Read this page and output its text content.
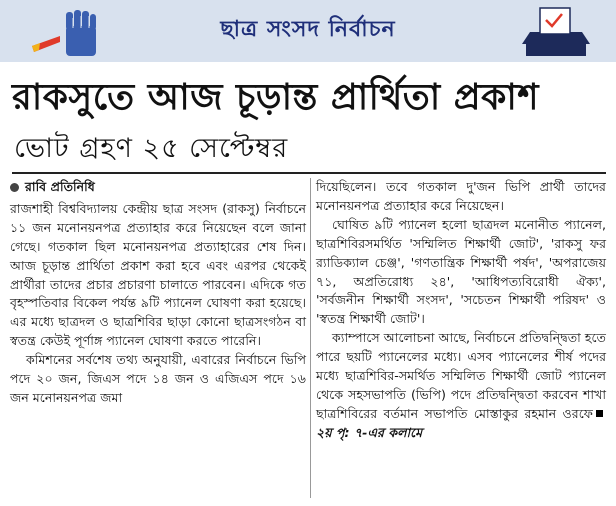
ছাত্র সংসদ নির্বাচন
রাকসুতে আজ চূড়ান্ত প্রার্থিতা প্রকাশ
ভোট গ্রহণ ২৫ সেপ্টেম্বর
রাবি প্রতিনিধি

রাজশাহী বিশ্ববিদ্যালয় কেন্দ্রীয় ছাত্র সংসদ (রাকসু) নির্বাচনে ১১ জন মনোনয়নপত্র প্রত্যাহার করে নিয়েছেন বলে জানা গেছে। গতকাল ছিল মনোনয়নপত্র প্রত্যাহারের শেষ দিন। আজ চূড়ান্ত প্রার্থিতা প্রকাশ করা হবে এবং এরপর থেকেই প্রার্থীরা তাদের প্রচার প্রচারণা চালাতে পারবেন। এদিকে গত বৃহস্পতিবার বিকেল পর্যন্ত ৯টি প্যানেল ঘোষণা করা হয়েছে। এর মধ্যে ছাত্রদল ও ছাত্রশিবির ছাড়া কোনো ছাত্রসংগঠন বা স্বতন্ত্র কেউই পূর্ণাঙ্গ প্যানেল ঘোষণা করতে পারেনি।

কমিশনের সর্বশেষ তথ্য অনুযায়ী, এবারের নির্বাচনে ভিপি পদে ২০ জন, জিএস পদে ১৪ জন ও এজিএস পদে ১৬ জন মনোনয়নপত্র জমা

দিয়েছিলেন। তবে গতকাল দু'জন ভিপি প্রার্থী তাদের মনোনয়নপত্র প্রত্যাহার করে নিয়েছেন।

ঘোষিত ৯টি প্যানেল হলো ছাত্রদল মনোনীত প্যানেল, ছাত্রশিবিরসমর্থিত 'সম্মিলিত শিক্ষার্থী জোট', 'রাকসু ফর র‍্যাডিক্যাল চেঞ্জ', 'গণতান্ত্রিক শিক্ষার্থী পর্ষদ', 'অপরাজেয় ৭১, অপ্রতিরোধ্য ২৪', 'আধিপত্যবিরোধী ঐক্য', 'সর্বজনীন শিক্ষার্থী সংসদ', 'সচেতন শিক্ষার্থী পরিষদ' ও 'স্বতন্ত্র শিক্ষার্থী জোট'।

ক্যাম্পাসে আলোচনা আছে, নির্বাচনে প্রতিদ্বন্দ্বিতা হতে পারে ছয়টি প্যানেলের মধ্যে। এসব প্যানেলের শীর্ষ পদের মধ্যে ছাত্রশিবির-সমর্থিত সম্মিলিত শিক্ষার্থী জোট প্যানেল থেকে সহসভাপতি (ভিপি) পদে প্রতিদ্বন্দ্বিতা করবেন শাখা ছাত্রশিবিরের বর্তমান সভাপতি মোস্তাকুর রহমান ওরফে২য় পৃ: ৭-এর কলামে
